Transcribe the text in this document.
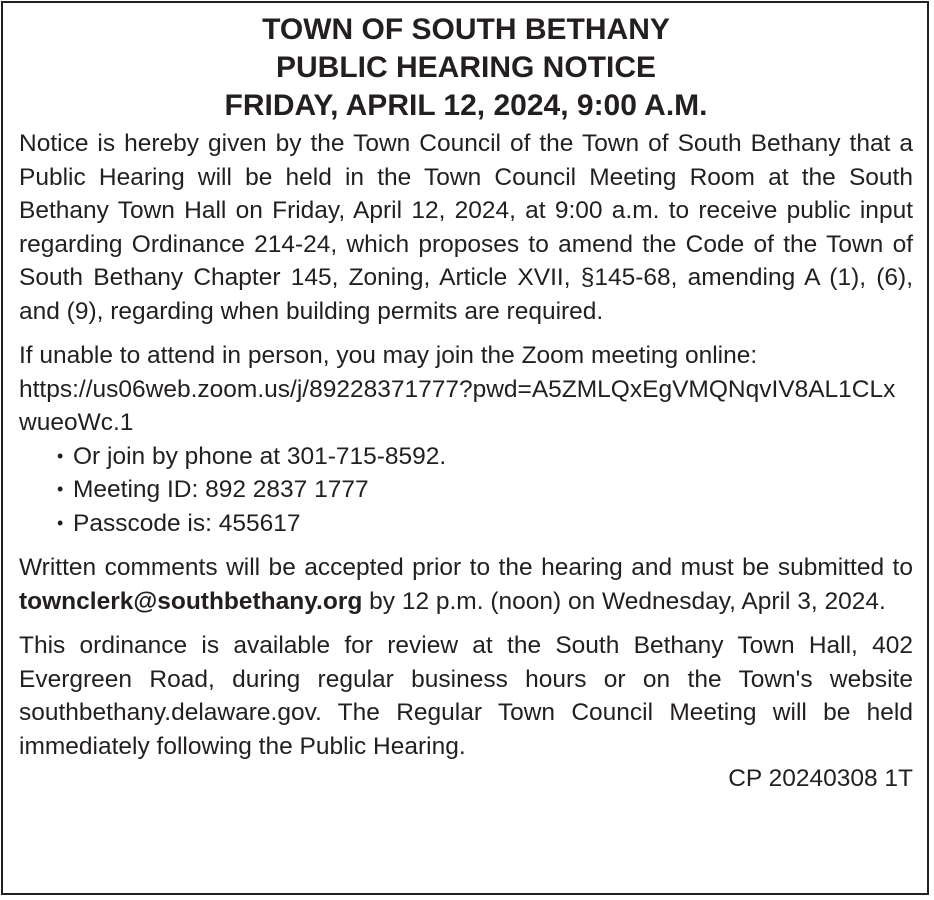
TOWN OF SOUTH BETHANY
PUBLIC HEARING NOTICE
FRIDAY, APRIL 12, 2024, 9:00 A.M.

Notice is hereby given by the Town Council of the Town of South Bethany that a Public Hearing will be held in the Town Council Meeting Room at the South Bethany Town Hall on Friday, April 12, 2024, at 9:00 a.m. to receive public input regarding Ordinance 214-24, which proposes to amend the Code of the Town of South Bethany Chapter 145, Zoning, Article XVII, §145-68, amending A (1), (6), and (9), regarding when building permits are required.

If unable to attend in person, you may join the Zoom meeting online:
https://us06web.zoom.us/j/89228371777?pwd=A5ZMLQxEgVMQNqvIV8AL1CLxwueoWc.1
• Or join by phone at 301-715-8592.
• Meeting ID: 892 2837 1777
• Passcode is: 455617

Written comments will be accepted prior to the hearing and must be submitted to townclerk@southbethany.org by 12 p.m. (noon) on Wednesday, April 3, 2024.

This ordinance is available for review at the South Bethany Town Hall, 402 Evergreen Road, during regular business hours or on the Town's website southbethany.delaware.gov. The Regular Town Council Meeting will be held immediately following the Public Hearing.

CP 20240308 1T
